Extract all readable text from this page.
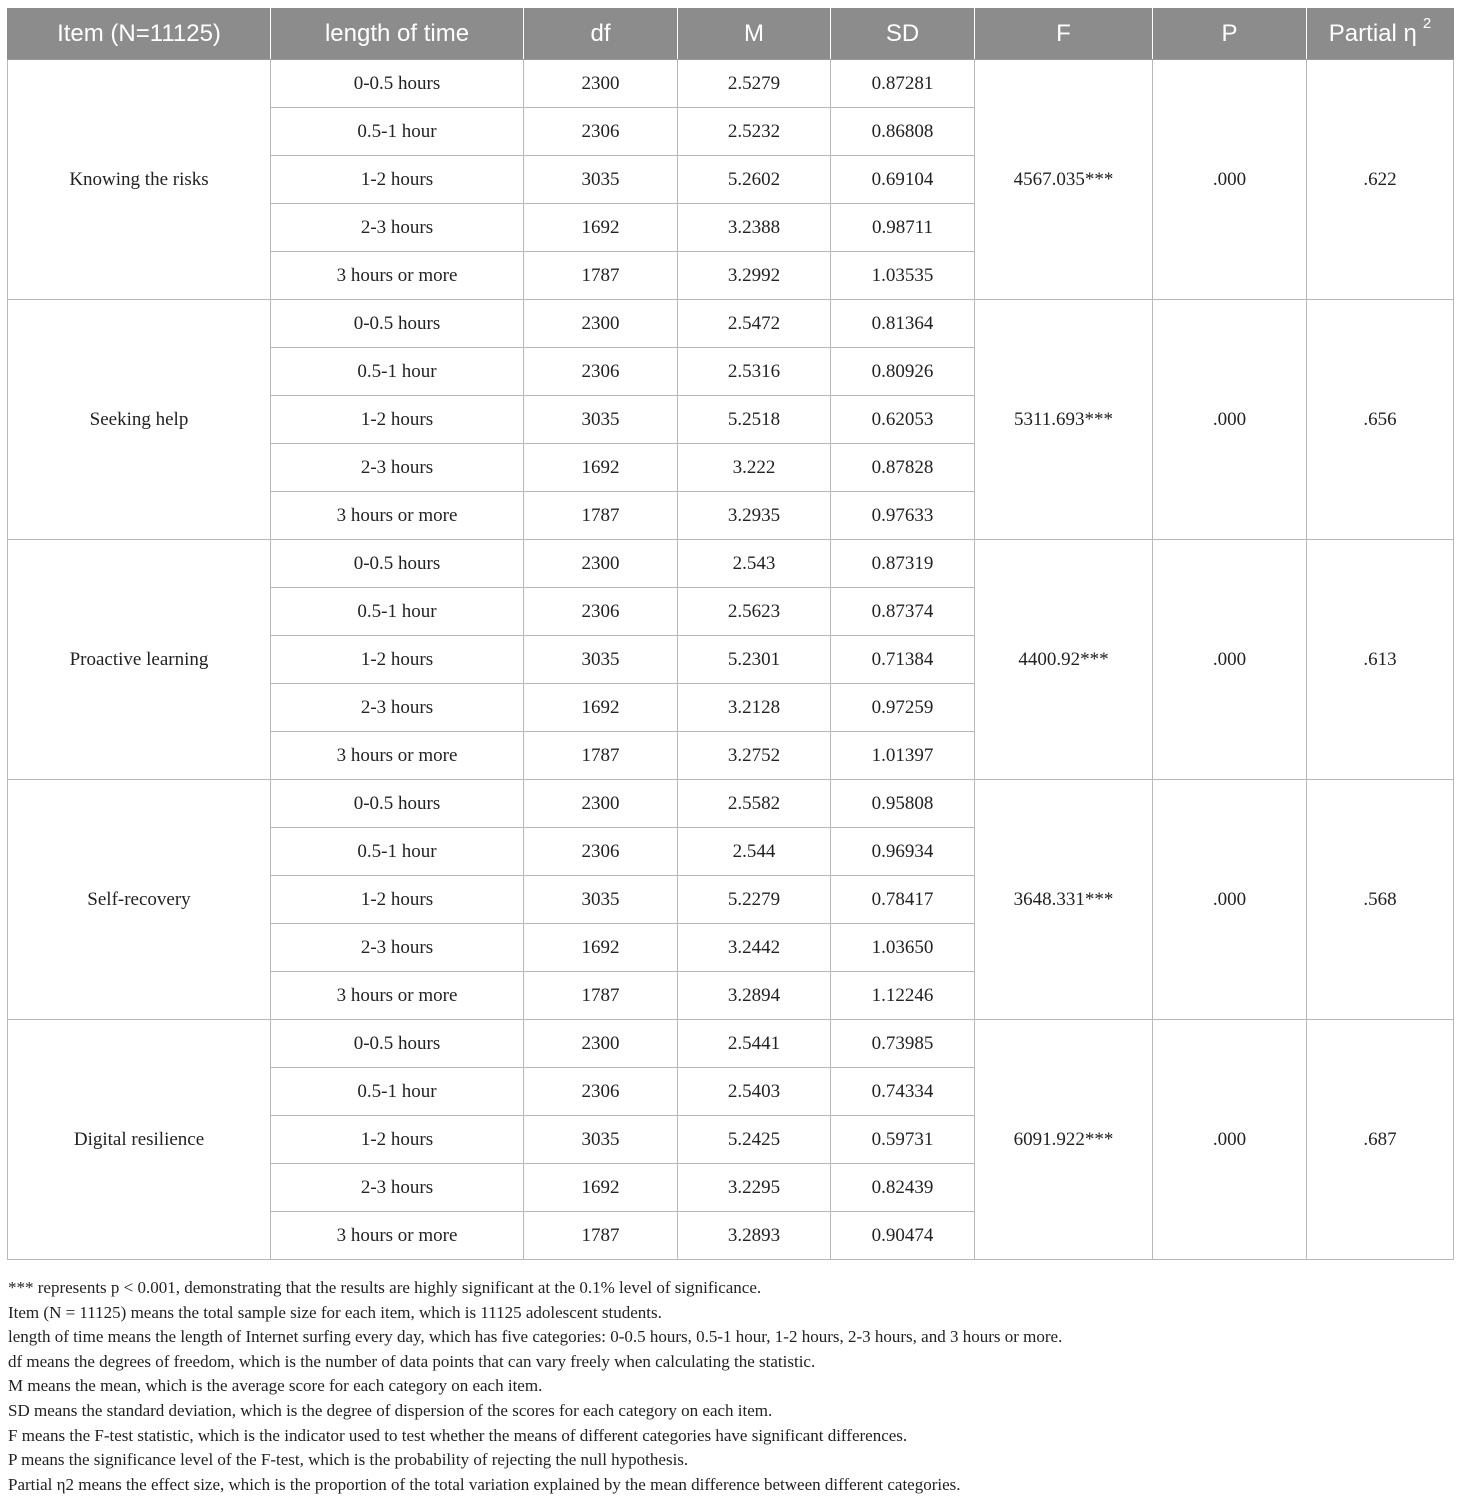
Item (N=11125)	length of time	df	M	SD	F	P	Partial η $^2$
Knowing the risks	0-0.5 hours	2300	2.5279	0.87281	4567.035***	.000	.622
	0.5-1 hour	2306	2.5232	0.86808			
	1-2 hours	3035	5.2602	0.69104			
	2-3 hours	1692	3.2388	0.98711			
	3 hours or more	1787	3.2992	1.03535			
Seeking help	0-0.5 hours	2300	2.5472	0.81364	5311.693***	.000	.656
	0.5-1 hour	2306	2.5316	0.80926			
	1-2 hours	3035	5.2518	0.62053			
	2-3 hours	1692	3.222	0.87828			
	3 hours or more	1787	3.2935	0.97633			
Proactive learning	0-0.5 hours	2300	2.543	0.87319	4400.92***	.000	.613
	0.5-1 hour	2306	2.5623	0.87374			
	1-2 hours	3035	5.2301	0.71384			
	2-3 hours	1692	3.2128	0.97259			
	3 hours or more	1787	3.2752	1.01397			
Self-recovery	0-0.5 hours	2300	2.5582	0.95808	3648.331***	.000	.568
	0.5-1 hour	2306	2.544	0.96934			
	1-2 hours	3035	5.2279	0.78417			
	2-3 hours	1692	3.2442	1.03650			
	3 hours or more	1787	3.2894	1.12246			
Digital resilience	0-0.5 hours	2300	2.5441	0.73985	6091.922***	.000	.687
	0.5-1 hour	2306	2.5403	0.74334			
	1-2 hours	3035	5.2425	0.59731			
	2-3 hours	1692	3.2295	0.82439			
	3 hours or more	1787	3.2893	0.90474			
*** represents p < 0.001, demonstrating that the results are highly significant at the 0.1% level of significance.
Item (N = 11125) means the total sample size for each item, which is 11125 adolescent students.
length of time means the length of Internet surfing every day, which has five categories: 0-0.5 hours, 0.5-1 hour, 1-2 hours, 2-3 hours, and 3 hours or more.
df means the degrees of freedom, which is the number of data points that can vary freely when calculating the statistic.
M means the mean, which is the average score for each category on each item.
SD means the standard deviation, which is the degree of dispersion of the scores for each category on each item.
F means the F-test statistic, which is the indicator used to test whether the means of different categories have significant differences.
P means the significance level of the F-test, which is the probability of rejecting the null hypothesis.
Partial η2 means the effect size, which is the proportion of the total variation explained by the mean difference between different categories.
